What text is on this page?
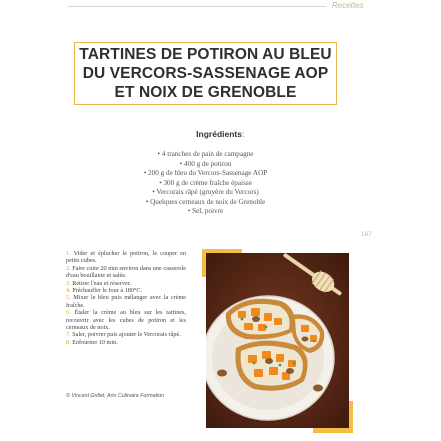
Recettes
TARTINES DE POTIRON AU BLEU
DU VERCORS-SASSENAGE AOP
ET NOIX DE GRENOBLE
Ingrédients:
• 4 tranches de pain de campagne
• 400 g de potiron
• 200 g de bleu du Vercors-Sassenage AOP
• 300 g de crème fraîche épaisse
• Vercorais râpé (gruyère du Vercors)
• Quelques cerneaux de noix de Grenoble
• Sel, poivre
167
1. Vider et éplucher le potiron, le couper en petits cubes.
2. Faire cuire 20 min environ dans une casserole d'eau bouillante et salée.
3. Retirer l'eau et réserver.
4. Préchauffer le four à 180°C.
5. Mixer le bleu puis mélanger avec la crème fraîche.
6. Étaler la crème au bleu sur les tartines, recouvrir avec les cubes de potiron et les cerneaux de noix.
7. Saler, poivrer puis ajouter le Vercorais râpé.
8. Enfourner 10 min.
© Vincent Grillet, Arts Culinaire Formation
